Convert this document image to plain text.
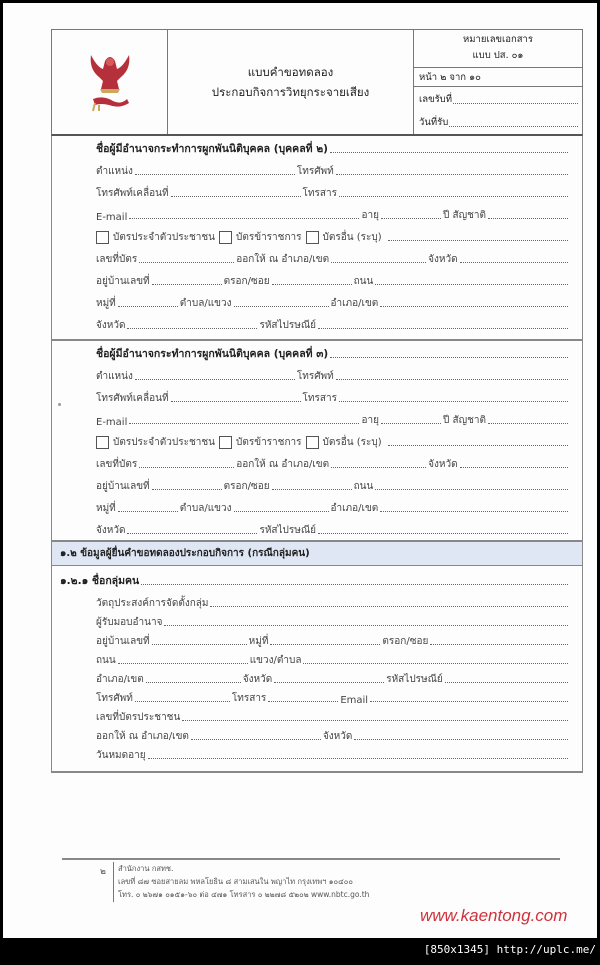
แบบคำขอทดลอง
ประกอบกิจการวิทยุกระจายเสียง
หมายเลขเอกสาร
แบบ ปส. ๐๑
หน้า ๒ จาก ๑๐
เลขรับที่
วันที่รับ
ชื่อผู้มีอำนาจกระทำการผูกพันนิติบุคคล (บุคคลที่ ๒)
ตำแหน่ง	โทรศัพท์
โทรศัพท์เคลื่อนที่	โทรสาร
E-mail	อายุ	ปี สัญชาติ
บัตรประจำตัวประชาชน บัตรข้าราชการ บัตรอื่น (ระบุ)
เลขที่บัตร	ออกให้ ณ อำเภอ/เขต	จังหวัด
อยู่บ้านเลขที่	ตรอก/ซอย	ถนน
หมู่ที่	ตำบล/แขวง	อำเภอ/เขต
จังหวัด	รหัสไปรษณีย์
ชื่อผู้มีอำนาจกระทำการผูกพันนิติบุคคล (บุคคลที่ ๓)
ตำแหน่ง	โทรศัพท์
โทรศัพท์เคลื่อนที่	โทรสาร
E-mail	อายุ	ปี สัญชาติ
บัตรประจำตัวประชาชน บัตรข้าราชการ บัตรอื่น (ระบุ)
เลขที่บัตร	ออกให้ ณ อำเภอ/เขต	จังหวัด
อยู่บ้านเลขที่	ตรอก/ซอย	ถนน
หมู่ที่	ตำบล/แขวง	อำเภอ/เขต
จังหวัด	รหัสไปรษณีย์
๑.๒ ข้อมูลผู้ยื่นคำขอทดลองประกอบกิจการ (กรณีกลุ่มคน)
๑.๒.๑ ชื่อกลุ่มคน
วัตถุประสงค์การจัดตั้งกลุ่ม
ผู้รับมอบอำนาจ
อยู่บ้านเลขที่	หมู่ที่	ตรอก/ซอย
ถนน	แขวง/ตำบล
อำเภอ/เขต	จังหวัด	รหัสไปรษณีย์
โทรศัพท์	โทรสาร	Email
เลขที่บัตรประชาชน
ออกให้ ณ อำเภอ/เขต	จังหวัด
วันหมดอายุ
๒ สำนักงาน กสทช.
เลขที่ ๘๗ ซอยสายลม พหลโยธิน ๘ สามเสนใน พญาไท กรุงเทพฯ ๑๐๔๐๐
โทร. ๐ ๒๖๗๑ ๐๑๕๑-๖๐ ต่อ ๔๗๑ โทรสาร ๐ ๒๒๗๘ ๕๒๐๒ www.nbtc.go.th
www.kaentong.com
[850x1345] http://uplc.me/
